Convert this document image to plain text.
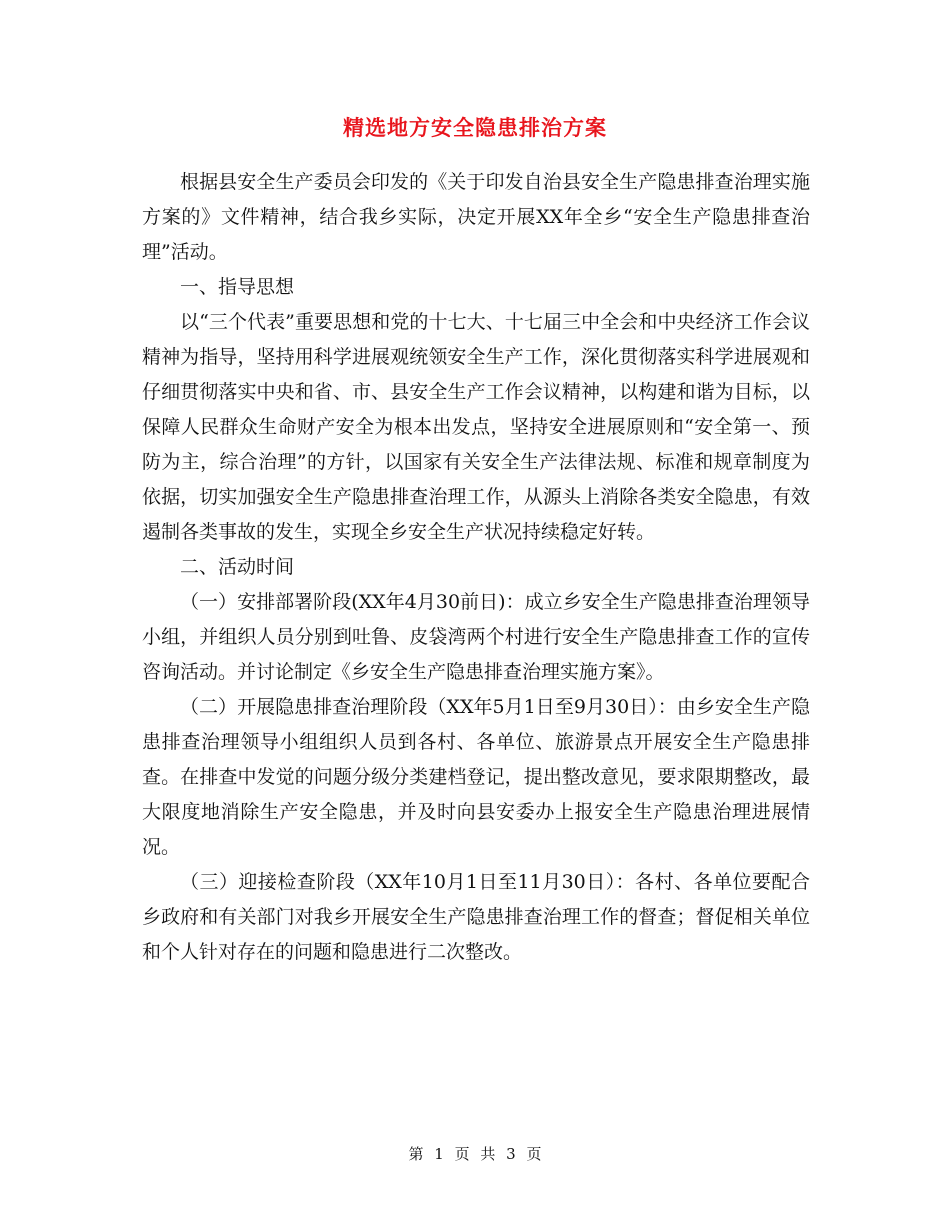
精选地方安全隐患排治方案

根据县安全生产委员会印发的《关于印发自治县安全生产隐患排查治理实施方案的》文件精神，结合我乡实际，决定开展XX年全乡“安全生产隐患排查治理”活动。

一、指导思想

以“三个代表”重要思想和党的十七大、十七届三中全会和中央经济工作会议精神为指导，坚持用科学进展观统领安全生产工作，深化贯彻落实科学进展观和仔细贯彻落实中央和省、市、县安全生产工作会议精神，以构建和谐为目标，以保障人民群众生命财产安全为根本出发点，坚持安全进展原则和“安全第一、预防为主，综合治理”的方针，以国家有关安全生产法律法规、标准和规章制度为依据，切实加强安全生产隐患排查治理工作，从源头上消除各类安全隐患，有效遏制各类事故的发生，实现全乡安全生产状况持续稳定好转。

二、活动时间

（一）安排部署阶段(XX年4月30前日)：成立乡安全生产隐患排查治理领导小组，并组织人员分别到吐鲁、皮袋湾两个村进行安全生产隐患排查工作的宣传咨询活动。并讨论制定《乡安全生产隐患排查治理实施方案》。

（二）开展隐患排查治理阶段（XX年5月1日至9月30日）：由乡安全生产隐患排查治理领导小组组织人员到各村、各单位、旅游景点开展安全生产隐患排查。在排查中发觉的问题分级分类建档登记，提出整改意见，要求限期整改，最大限度地消除生产安全隐患，并及时向县安委办上报安全生产隐患治理进展情况。

（三）迎接检查阶段（XX年10月1日至11月30日）：各村、各单位要配合乡政府和有关部门对我乡开展安全生产隐患排查治理工作的督查；督促相关单位和个人针对存在的问题和隐患进行二次整改。

第 1 页 共 3 页
